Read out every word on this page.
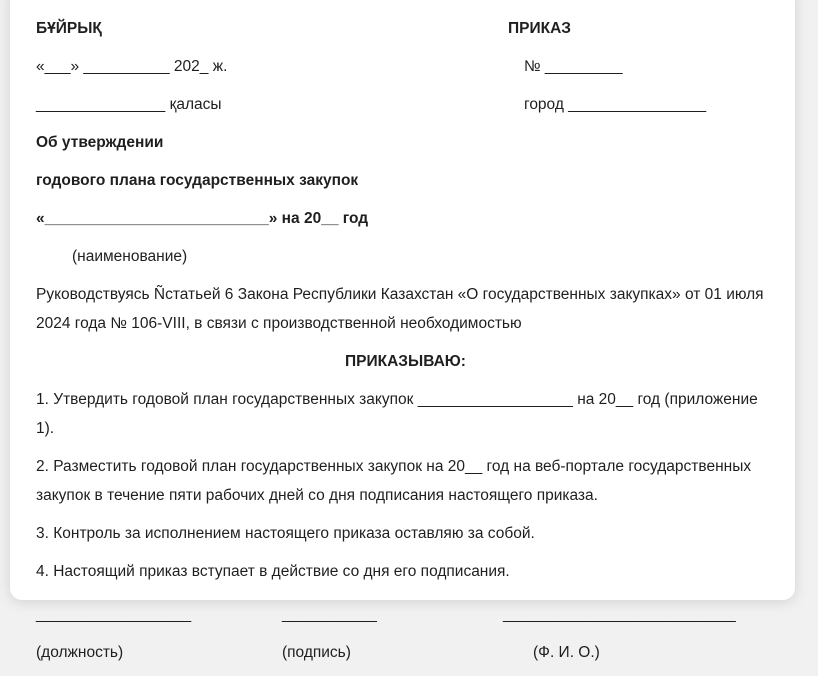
БҰЙРЫҚ

«___» __________ 202_ ж.

_______________ қаласы

ПРИКАЗ

№ _________

город ________________

Об утверждении

годового плана государственных закупок

«__________________________» на 20__ год

(наименование)

Руководствуясь Ñстатьей 6 Закона Республики Казахстан «О государственных закупках» от 01 июля 2024 года № 106-VIII, в связи с производственной необходимостью

ПРИКАЗЫВАЮ:

1. Утвердить годовой план государственных закупок __________________ на 20__ год (приложение 1).

2. Разместить годовой план государственных закупок на 20__ год на веб-портале государственных закупок в течение пяти рабочих дней со дня подписания настоящего приказа.

3. Контроль за исполнением настоящего приказа оставляю за собой.

4. Настоящий приказ вступает в действие со дня его подписания.

__________________

(должность)

___________

(подпись)

___________________________

(Ф. И. О.)
